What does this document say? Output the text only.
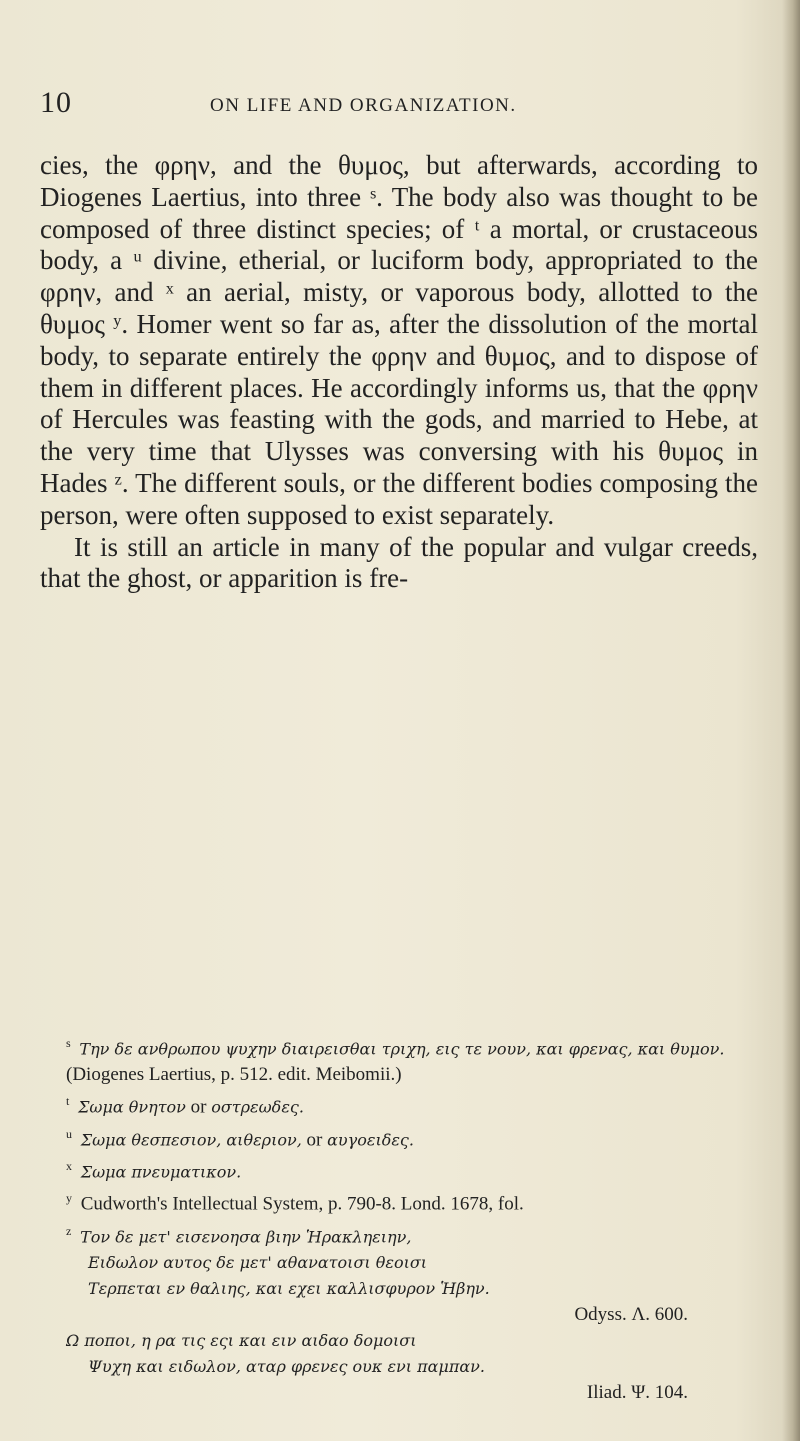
10	ON LIFE AND ORGANIZATION.

cies, the φρην, and the θυμος, but afterwards, according to Diogenes Laertius, into three ˢ. The body also was thought to be composed of three distinct species; of ᵗ a mortal, or crustaceous body, a ᵘ divine, etherial, or luciform body, appropriated to the φρην, and ˣ an aerial, misty, or vaporous body, allotted to the θυμος ʸ. Homer went so far as, after the dissolution of the mortal body, to separate entirely the φρην and θυμος, and to dispose of them in different places. He accordingly informs us, that the φρην of Hercules was feasting with the gods, and married to Hebe, at the very time that Ulysses was conversing with his θυμος in Hades ᶻ. The different souls, or the different bodies composing the person, were often supposed to exist separately.

It is still an article in many of the popular and vulgar creeds, that the ghost, or apparition is fre-

$^s$ Την δε ανθρωπου ψυχην διαιρεισθαι τριχη, εις τε νουν, και φρενας, και θυμον. (Diogenes Laertius, p. 512. edit. Meibomii.)

$^t$ Σωμα θνητον or οστρεωδες.

$^u$ Σωμα θεσπεσιον, αιθεριον, or αυγοειδες.

$^x$ Σωμα πνευματικον.

$^y$ Cudworth's Intellectual System, p. 790-8. Lond. 1678, fol.

$^z$ Τον δε μετ' εισενοησα βιην Ἡρακληειην,

Ειδωλον αυτος δε μετ' αθανατοισι θεοισι

Τερπεται εν θαλιης, και εχει καλλισφυρον Ἡβην.
Odyss. Λ. 600.

Ω ποποι, η ρα τις εςι και ειν αιδαο δομοισι

Ψυχη και ειδωλον, αταρ φρενες ουκ ενι παμπαν.
Iliad. Ψ. 104.
